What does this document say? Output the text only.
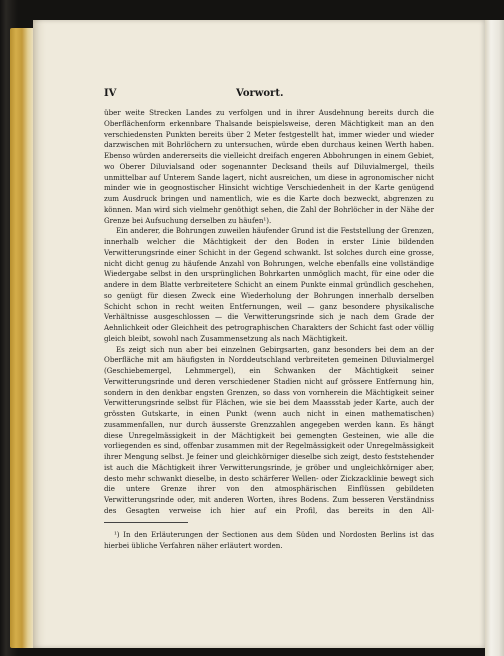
IV	Vorwort.

über weite Strecken Landes zu verfolgen und in ihrer Ausdehnung bereits durch die Oberflächenform erkennbare Thalsande beispielsweise, deren Mächtigkeit man an den verschiedensten Punkten bereits über 2 Meter festgestellt hat, immer wieder und wieder darzwischen mit Bohrlöchern zu untersuchen, würde eben durchaus keinen Werth haben. Ebenso würden andererseits die vielleicht dreifach engeren Abbohrungen in einem Gebiet, wo Oberer Diluvialsand oder sogenannter Decksand theils auf Diluvialmergel, theils unmittelbar auf Unterem Sande lagert, nicht ausreichen, um diese in agronomischer nicht minder wie in geognostischer Hinsicht wichtige Verschiedenheit in der Karte genügend zum Ausdruck bringen und namentlich, wie es die Karte doch bezweckt, abgrenzen zu können. Man wird sich vielmehr genöthigt sehen, die Zahl der Bohrlöcher in der Nähe der Grenze bei Aufsuchung derselben zu häufen¹).

Ein anderer, die Bohrungen zuweilen häufender Grund ist die Feststellung der Grenzen, innerhalb welcher die Mächtigkeit der den Boden in erster Linie bildenden Verwitterungsrinde einer Schicht in der Gegend schwankt. Ist solches durch eine grosse, nicht dicht genug zu häufende Anzahl von Bohrungen, welche ebenfalls eine vollständige Wiedergabe selbst in den ursprünglichen Bohrkarten unmöglich macht, für eine oder die andere in dem Blatte verbreitetere Schicht an einem Punkte einmal gründlich geschehen, so genügt für diesen Zweck eine Wiederholung der Bohrungen innerhalb derselben Schicht schon in recht weiten Entfernungen, weil — ganz besondere physikalische Verhältnisse ausgeschlossen — die Verwitterungsrinde sich je nach dem Grade der Aehnlichkeit oder Gleichheit des petrographischen Charakters der Schicht fast oder völlig gleich bleibt, sowohl nach Zusammensetzung als nach Mächtigkeit.

Es zeigt sich nun aber bei einzelnen Gebirgsarten, ganz besonders bei dem an der Oberfläche mit am häufigsten in Norddeutschland verbreiteten gemeinen Diluvialmergel (Geschiebemergel, Lehmmergel), ein Schwanken der Mächtigkeit seiner Verwitterungsrinde und deren verschiedener Stadien nicht auf grössere Entfernung hin, sondern in den denkbar engsten Grenzen, so dass von vornherein die Mächtigkeit seiner Verwitterungsrinde selbst für Flächen, wie sie bei dem Maassstab jeder Karte, auch der grössten Gutskarte, in einen Punkt (wenn auch nicht in einen mathematischen) zusammenfallen, nur durch äusserste Grenzzahlen angegeben werden kann. Es hängt diese Unregelmässigkeit in der Mächtigkeit bei gemengten Gesteinen, wie alle die vorliegenden es sind, offenbar zusammen mit der Regelmässigkeit oder Unregelmässigkeit ihrer Mengung selbst. Je feiner und gleichkörniger dieselbe sich zeigt, desto feststehender ist auch die Mächtigkeit ihrer Verwitterungsrinde, je gröber und ungleichkörniger aber, desto mehr schwankt dieselbe, in desto schärferer Wellen- oder Zickzacklinie bewegt sich die untere Grenze ihrer von den atmosphärischen Einflüssen gebildeten Verwitterungsrinde oder, mit anderen Worten, ihres Bodens. Zum besseren Verständniss des Gesagten verweise ich hier auf ein Profil, das bereits in den All-

¹) In den Erläuterungen der Sectionen aus dem Süden und Nordosten Berlins ist das hierbei übliche Verfahren näher erläutert worden.
